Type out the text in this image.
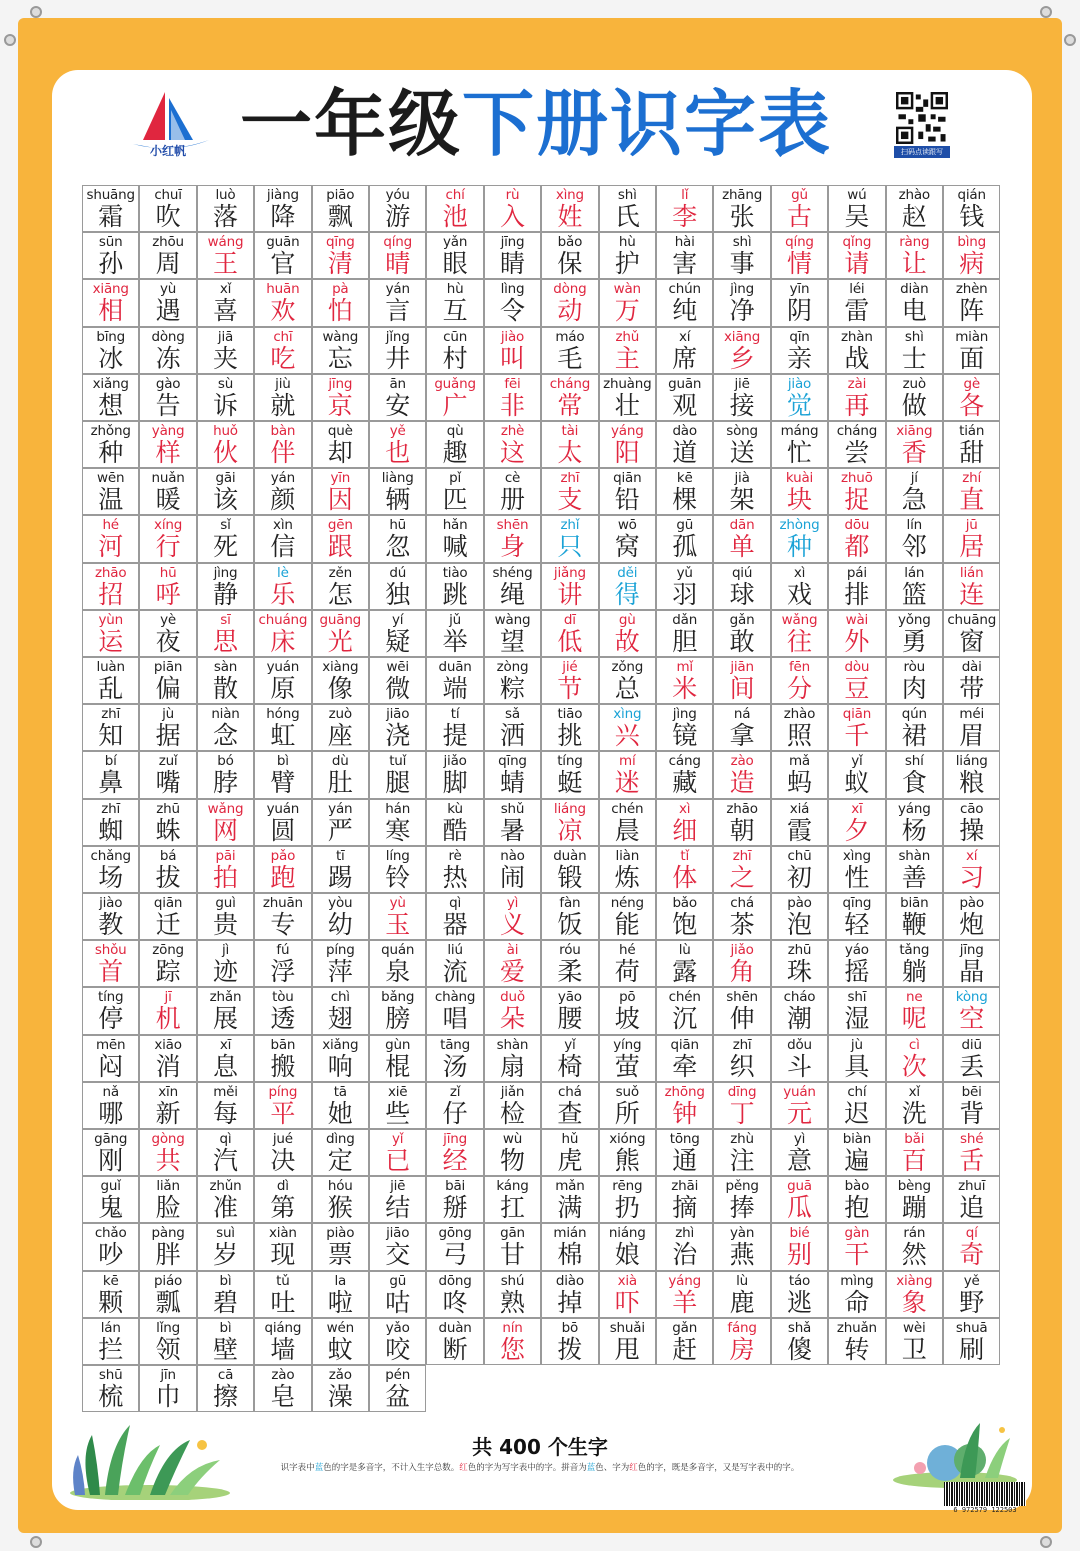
小红帆 一年级下册识字表	扫码点读跟写
shuāng
霜
chuī
吹
luò
落
jiàng
降
piāo
飘
yóu
游
chí
池
rù
入
xìng
姓
shì
氏
lǐ
李
zhāng
张
gǔ
古
wú
吴
zhào
赵
qián
钱
sūn
孙
zhōu
周
wáng
王
guān
官
qīng
清
qíng
晴
yǎn
眼
jīng
睛
bǎo
保
hù
护
hài
害
shì
事
qíng
情
qǐng
请
ràng
让
bìng
病
xiāng
相
yù
遇
xǐ
喜
huān
欢
pà
怕
yán
言
hù
互
lìng
令
dòng
动
wàn
万
chún
纯
jìng
净
yīn
阴
léi
雷
diàn
电
zhèn
阵
bīng
冰
dòng
冻
jiā
夹
chī
吃
wàng
忘
jǐng
井
cūn
村
jiào
叫
máo
毛
zhǔ
主
xí
席
xiāng
乡
qīn
亲
zhàn
战
shì
士
miàn
面
xiǎng
想
gào
告
sù
诉
jiù
就
jīng
京
ān
安
guǎng
广
fēi
非
cháng
常
zhuàng
壮
guān
观
jiē
接
jiào
觉
zài
再
zuò
做
gè
各
zhǒng
种
yàng
样
huǒ
伙
bàn
伴
què
却
yě
也
qù
趣
zhè
这
tài
太
yáng
阳
dào
道
sòng
送
máng
忙
cháng
尝
xiāng
香
tián
甜
wēn
温
nuǎn
暖
gāi
该
yán
颜
yīn
因
liàng
辆
pǐ
匹
cè
册
zhī
支
qiān
铅
kē
棵
jià
架
kuài
块
zhuō
捉
jí
急
zhí
直
hé
河
xíng
行
sǐ
死
xìn
信
gēn
跟
hū
忽
hǎn
喊
shēn
身
zhǐ
只
wō
窝
gū
孤
dān
单
zhòng
种
dōu
都
lín
邻
jū
居
zhāo
招
hū
呼
jìng
静
lè
乐
zěn
怎
dú
独
tiào
跳
shéng
绳
jiǎng
讲
děi
得
yǔ
羽
qiú
球
xì
戏
pái
排
lán
篮
lián
连
yùn
运
yè
夜
sī
思
chuáng
床
guāng
光
yí
疑
jǔ
举
wàng
望
dī
低
gù
故
dǎn
胆
gǎn
敢
wǎng
往
wài
外
yǒng
勇
chuāng
窗
luàn
乱
piān
偏
sàn
散
yuán
原
xiàng
像
wēi
微
duān
端
zòng
粽
jié
节
zǒng
总
mǐ
米
jiān
间
fēn
分
dòu
豆
ròu
肉
dài
带
zhī
知
jù
据
niàn
念
hóng
虹
zuò
座
jiāo
浇
tí
提
sǎ
洒
tiāo
挑
xìng
兴
jìng
镜
ná
拿
zhào
照
qiān
千
qún
裙
méi
眉
bí
鼻
zuǐ
嘴
bó
脖
bì
臂
dù
肚
tuǐ
腿
jiǎo
脚
qīng
蜻
tíng
蜓
mí
迷
cáng
藏
zào
造
mǎ
蚂
yǐ
蚁
shí
食
liáng
粮
zhī
蜘
zhū
蛛
wǎng
网
yuán
圆
yán
严
hán
寒
kù
酷
shǔ
暑
liáng
凉
chén
晨
xì
细
zhāo
朝
xiá
霞
xī
夕
yáng
杨
cāo
操
chǎng
场
bá
拔
pāi
拍
pǎo
跑
tī
踢
líng
铃
rè
热
nào
闹
duàn
锻
liàn
炼
tǐ
体
zhī
之
chū
初
xìng
性
shàn
善
xí
习
jiào
教
qiān
迁
guì
贵
zhuān
专
yòu
幼
yù
玉
qì
器
yì
义
fàn
饭
néng
能
bǎo
饱
chá
茶
pào
泡
qīng
轻
biān
鞭
pào
炮
shǒu
首
zōng
踪
jì
迹
fú
浮
píng
萍
quán
泉
liú
流
ài
爱
róu
柔
hé
荷
lù
露
jiǎo
角
zhū
珠
yáo
摇
tǎng
躺
jīng
晶
tíng
停
jī
机
zhǎn
展
tòu
透
chì
翅
bǎng
膀
chàng
唱
duǒ
朵
yāo
腰
pō
坡
chén
沉
shēn
伸
cháo
潮
shī
湿
ne
呢
kòng
空
mēn
闷
xiāo
消
xī
息
bān
搬
xiǎng
响
gùn
棍
tāng
汤
shàn
扇
yǐ
椅
yíng
萤
qiān
牵
zhī
织
dǒu
斗
jù
具
cì
次
diū
丢
nǎ
哪
xīn
新
měi
每
píng
平
tā
她
xiē
些
zǐ
仔
jiǎn
检
chá
查
suǒ
所
zhōng
钟
dīng
丁
yuán
元
chí
迟
xǐ
洗
bēi
背
gāng
刚
gòng
共
qì
汽
jué
决
dìng
定
yǐ
已
jīng
经
wù
物
hǔ
虎
xióng
熊
tōng
通
zhù
注
yì
意
biàn
遍
bǎi
百
shé
舌
guǐ
鬼
liǎn
脸
zhǔn
准
dì
第
hóu
猴
jiē
结
bāi
掰
káng
扛
mǎn
满
rēng
扔
zhāi
摘
pěng
捧
guā
瓜
bào
抱
bèng
蹦
zhuī
追
chǎo
吵
pàng
胖
suì
岁
xiàn
现
piào
票
jiāo
交
gōng
弓
gān
甘
mián
棉
niáng
娘
zhì
治
yàn
燕
bié
别
gàn
干
rán
然
qí
奇
kē
颗
piáo
瓢
bì
碧
tǔ
吐
la
啦
gū
咕
dōng
咚
shú
熟
diào
掉
xià
吓
yáng
羊
lù
鹿
táo
逃
mìng
命
xiàng
象
yě
野
lán
拦
lǐng
领
bì
壁
qiáng
墙
wén
蚊
yǎo
咬
duàn
断
nín
您
bō
拨
shuǎi
甩
gǎn
赶
fáng
房
shǎ
傻
zhuǎn
转
wèi
卫
shuā
刷
shū
梳
jīn
巾
cā
擦
zào
皂
zǎo
澡
pén
盆
共 400 个生字
识字表中蓝色的字是多音字，不计入生字总数。红色的字为写字表中的字。拼音为蓝色、字为红色的字，既是多音字，又是写字表中的字。
6 972579 122503
